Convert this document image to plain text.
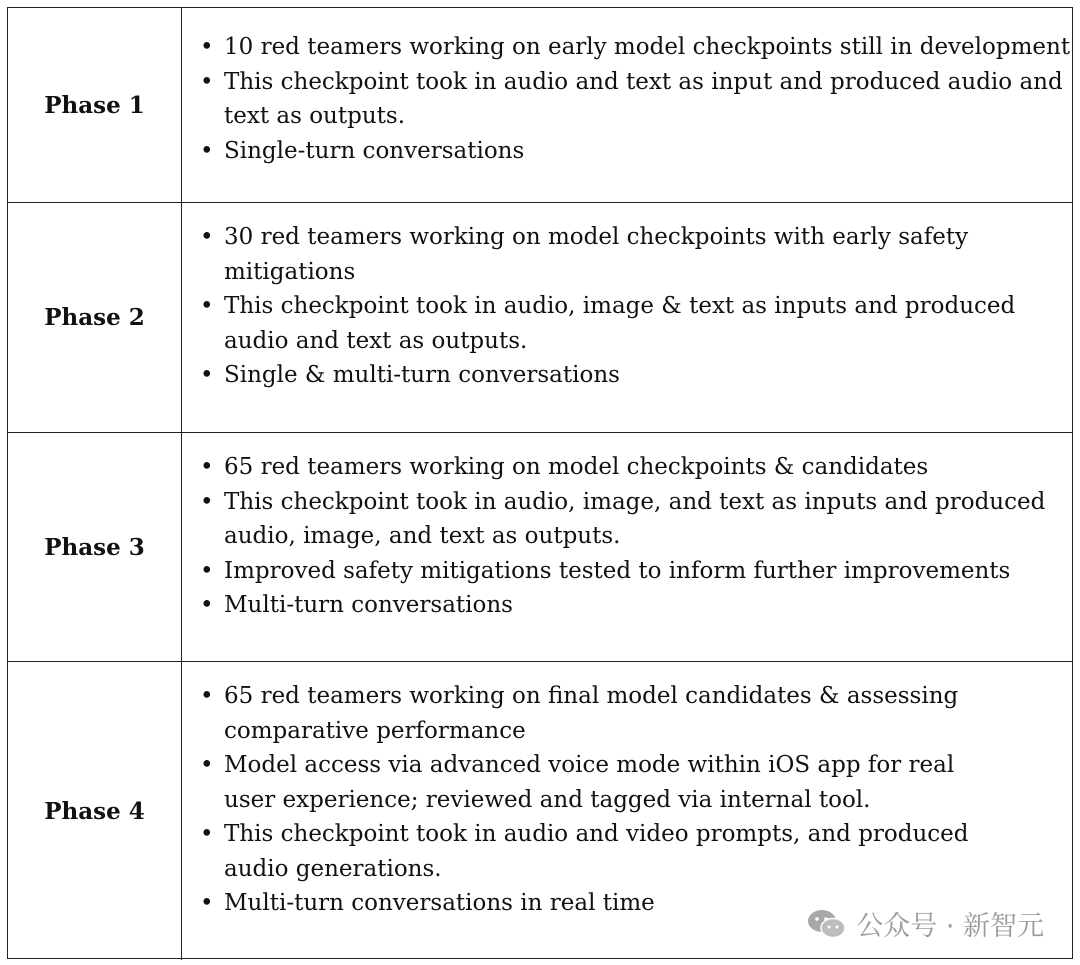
Phase 1
• 10 red teamers working on early model checkpoints still in development
• This checkpoint took in audio and text as input and produced audio and text as outputs.
• Single-turn conversations
Phase 2
• 30 red teamers working on model checkpoints with early safety mitigations
• This checkpoint took in audio, image & text as inputs and produced audio and text as outputs.
• Single & multi-turn conversations
Phase 3
• 65 red teamers working on model checkpoints & candidates
• This checkpoint took in audio, image, and text as inputs and produced audio, image, and text as outputs.
• Improved safety mitigations tested to inform further improvements
• Multi-turn conversations
Phase 4
• 65 red teamers working on final model candidates & assessing comparative performance
• Model access via advanced voice mode within iOS app for real user experience; reviewed and tagged via internal tool.
• This checkpoint took in audio and video prompts, and produced audio generations.
• Multi-turn conversations in real time
公众号 · 新智元
